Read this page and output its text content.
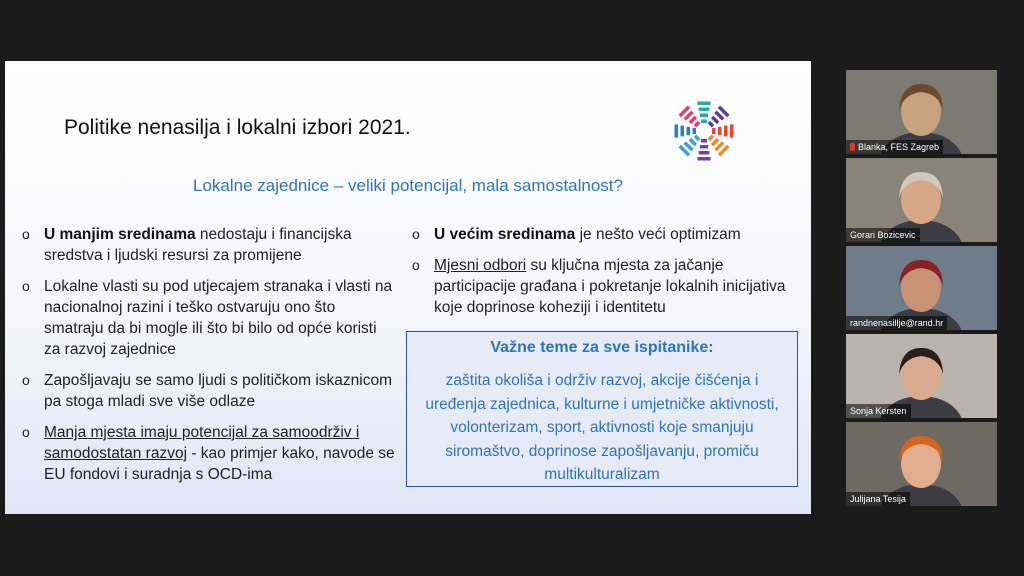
Politike nenasilja i lokalni izbori 2021.
Lokalne zajednice – veliki potencijal, mala samostalnost?
o U manjim sredinama nedostaju i financijska sredstva i ljudski resursi za promijene
o Lokalne vlasti su pod utjecajem stranaka i vlasti na nacionalnoj razini i teško ostvaruju ono što smatraju da bi mogle ili što bi bilo od opće koristi za razvoj zajednice
o Zapošljavaju se samo ljudi s političkom iskaznicom pa stoga mladi sve više odlaze
o Manja mjesta imaju potencijal za samoodrživ i samodostatan razvoj - kao primjer kako, navode se EU fondovi i suradnja s OCD-ima
o U većim sredinama je nešto veći optimizam
o Mjesni odbori su ključna mjesta za jačanje participacije građana i pokretanje lokalnih inicijativa koje doprinose koheziji i identitetu
Važne teme za sve ispitanike:
zaštita okoliša i održiv razvoj, akcije čišćenja i uređenja zajednica, kulturne i umjetničke aktivnosti, volonterizam, sport, aktivnosti koje smanjuju siromaštvo, doprinose zapošljavanju, promiču multikulturalizam
Blanka, FES Zagreb
Goran Bozicevic
randnenasillje@rand.hr
Sonja Kersten
Julijana Tesija
